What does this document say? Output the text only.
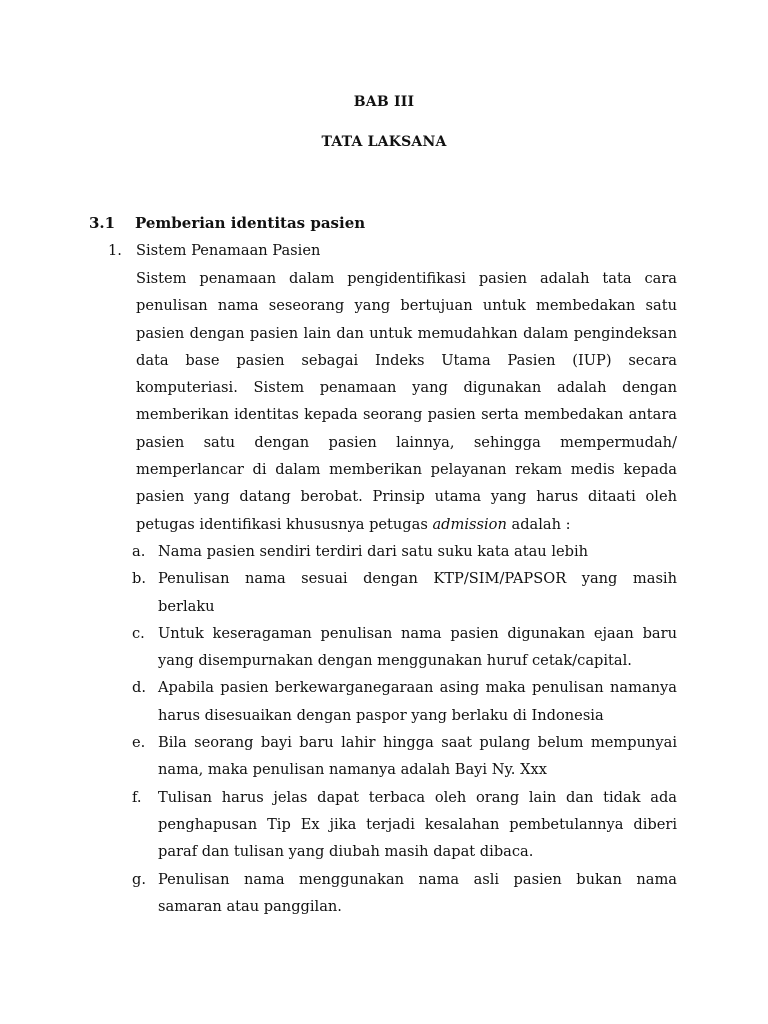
BAB III
TATA LAKSANA
3.1 Pemberian identitas pasien
1. Sistem Penamaan Pasien
Sistem penamaan dalam pengidentifikasi pasien adalah tata cara
penulisan nama seseorang yang bertujuan untuk membedakan satu
pasien dengan pasien lain dan untuk memudahkan dalam pengindeksan
data base pasien sebagai Indeks Utama Pasien (IUP) secara
komputeriasi. Sistem penamaan yang digunakan adalah dengan
memberikan identitas kepada seorang pasien serta membedakan antara
pasien satu dengan pasien lainnya, sehingga mempermudah/
memperlancar di dalam memberikan pelayanan rekam medis kepada
pasien yang datang berobat. Prinsip utama yang harus ditaati oleh
petugas identifikasi khususnya petugas admission adalah :
a. Nama pasien sendiri terdiri dari satu suku kata atau lebih
b. Penulisan nama sesuai dengan KTP/SIM/PAPSOR yang masih
berlaku
c. Untuk keseragaman penulisan nama pasien digunakan ejaan baru
yang disempurnakan dengan menggunakan huruf cetak/capital.
d. Apabila pasien berkewarganegaraan asing maka penulisan namanya
harus disesuaikan dengan paspor yang berlaku di Indonesia
e. Bila seorang bayi baru lahir hingga saat pulang belum mempunyai
nama, maka penulisan namanya adalah Bayi Ny. Xxx
f.	Tulisan harus jelas dapat terbaca oleh orang lain dan tidak ada
penghapusan Tip Ex jika terjadi kesalahan pembetulannya diberi
paraf dan tulisan yang diubah masih dapat dibaca.
g. Penulisan nama menggunakan nama asli pasien bukan nama
samaran atau panggilan.
